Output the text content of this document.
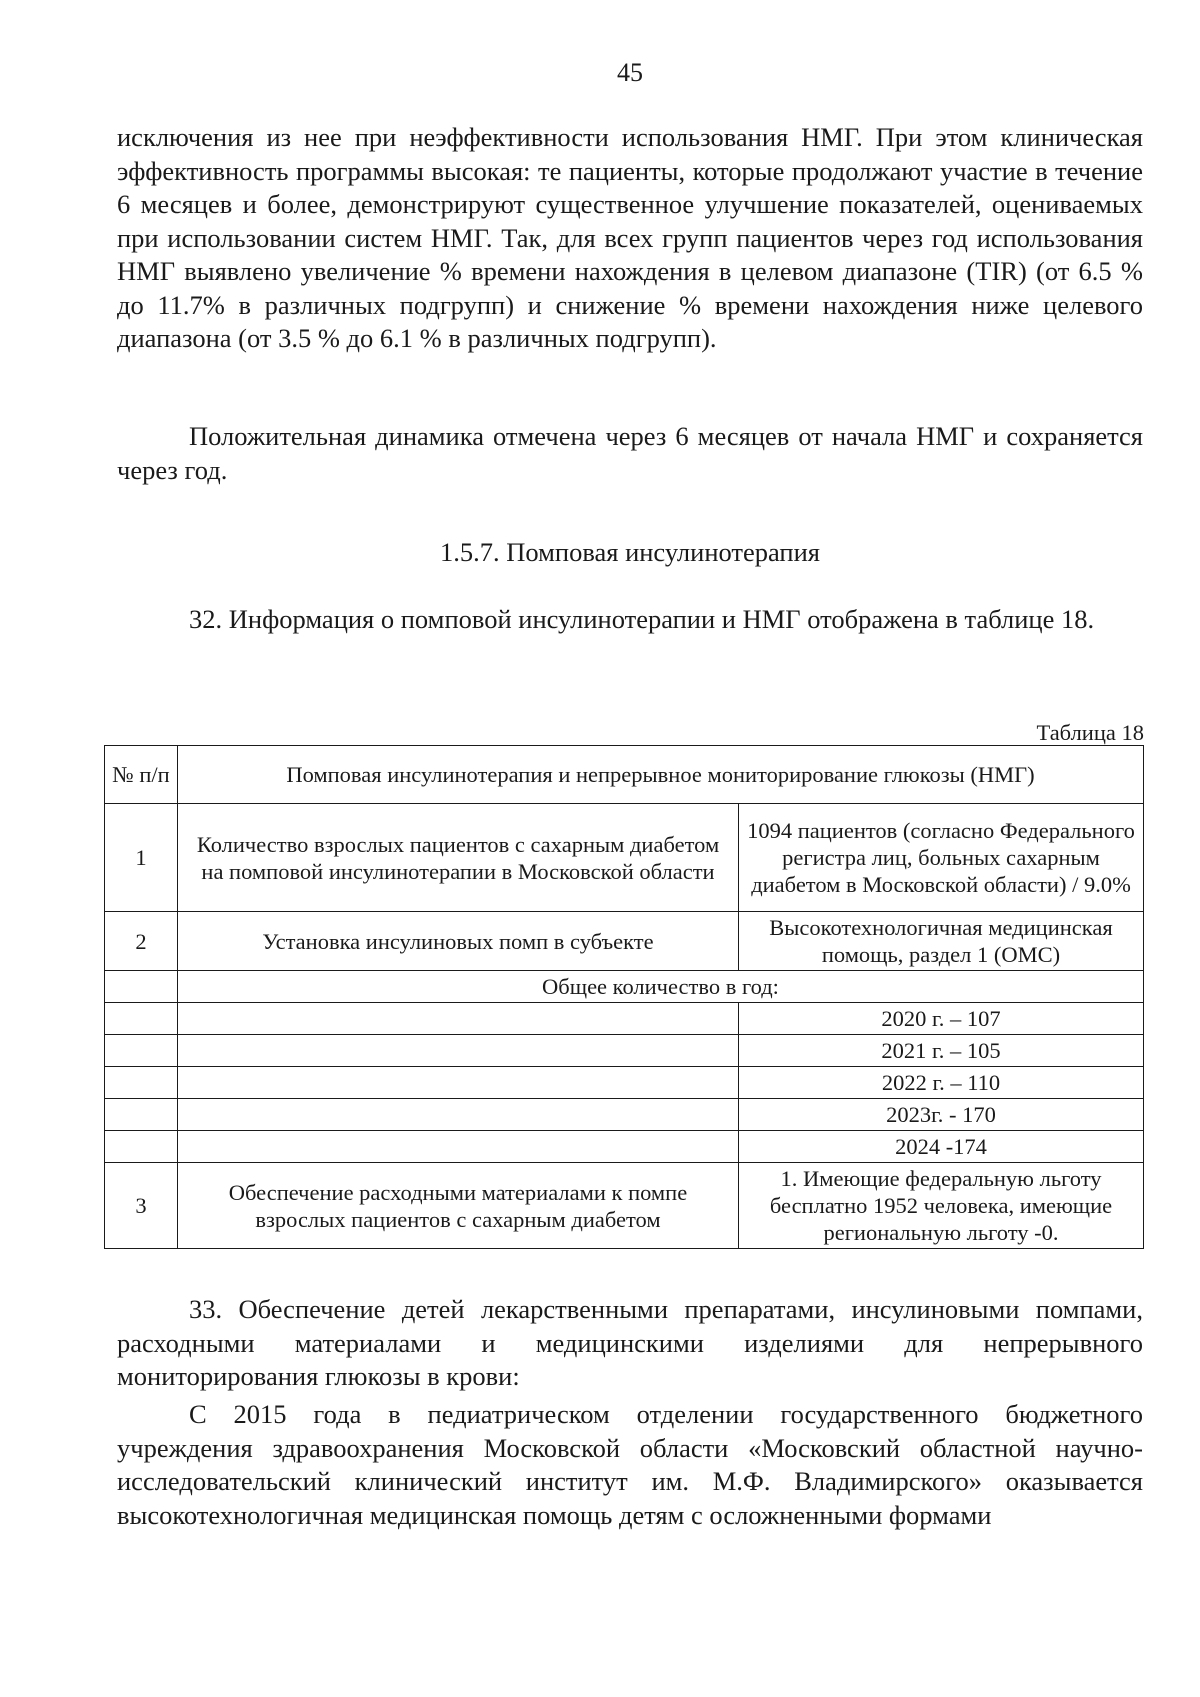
45

исключения из нее при неэффективности использования НМГ. При этом клиническая эффективность программы высокая: те пациенты, которые продолжают участие в течение 6 месяцев и более, демонстрируют существенное улучшение показателей, оцениваемых при использовании систем НМГ. Так, для всех групп пациентов через год использования НМГ выявлено увеличение % времени нахождения в целевом диапазоне (TIR) (от 6.5 % до 11.7% в различных подгрупп) и снижение % времени нахождения ниже целевого диапазона (от 3.5 % до 6.1 % в различных подгрупп).

Положительная динамика отмечена через 6 месяцев от начала НМГ и сохраняется через год.

1.5.7. Помповая инсулинотерапия

32. Информация о помповой инсулинотерапии и НМГ отображена в таблице 18.

Таблица 18
№ п/п	Помповая инсулинотерапия и непрерывное мониторирование глюкозы (НМГ)	
1	Количество взрослых пациентов с сахарным диабетом на помповой инсулинотерапии в Московской области	1094 пациентов (согласно Федерального регистра лиц, больных сахарным диабетом в Московской области) / 9.0%
2	Установка инсулиновых помп в субъекте	Высокотехнологичная медицинская помощь, раздел 1 (ОМС)
	Общее количество в год:	
		2020 г. – 107
		2021 г. – 105
		2022 г. – 110
		2023г. - 170
		2024 -174
3	Обеспечение расходными материалами к помпе взрослых пациентов с сахарным диабетом	1. Имеющие федеральную льготу бесплатно 1952 человека, имеющие региональную льготу -0.

33. Обеспечение детей лекарственными препаратами, инсулиновыми помпами, расходными материалами и медицинскими изделиями для непрерывного мониторирования глюкозы в крови:

С 2015 года в педиатрическом отделении государственного бюджетного учреждения здравоохранения Московской области «Московский областной научно-исследовательский клинический институт им. М.Ф. Владимирского» оказывается высокотехнологичная медицинская помощь детям с осложненными формами
